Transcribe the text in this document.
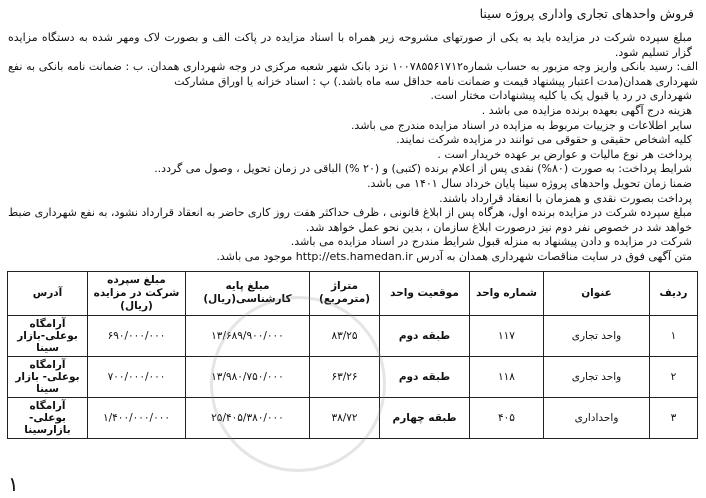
فروش واحدهای تجاری واداری پروژه سینا

مبلغ سپرده شرکت در مزایده باید به یکی از صورتهای مشروحه زیر همراه با اسناد مزایده در پاکت الف و بصورت لاک ومهر شده به دستگاه مزایده گزار تسلیم شود.

الف: رسید بانکی واریز وجه مزبور به حساب شماره۱۰۰۷۸۵۵۶۱۷۱۲ نزد بانک شهر شعبه مرکزی در وجه شهرداری همدان. ب : ضمانت نامه بانکی به نفع شهرداری همدان(مدت اعتبار پیشنهاد قیمت و ضمانت نامه حداقل سه ماه باشد.) پ : اسناد خزانه یا اوراق مشارکت

شهرداری در رد یا قبول یک یا کلیه پیشنهادات مختار است.

هزینه درج آگهی بعهده برنده مزایده می باشد .

سایر اطلاعات و جزییات مربوط به مزایده در اسناد مزایده مندرج می باشد.

کلیه اشخاص حقیقی و حقوقی می توانند در مزایده شرکت نمایند.

پرداخت هر نوع مالیات و عوارض بر عهده خریدار است .

شرایط پرداخت: به صورت (۸۰%) نقدی پس از اعلام برنده (کتبی) و (۲۰ %) الباقی در زمان تحویل ، وصول می گردد..

ضمنا زمان تحویل واحدهای پروژه سینا پایان خرداد سال ۱۴۰۱ می باشد.

پرداخت بصورت نقدی و همزمان با انعقاد قرارداد باشند.

مبلغ سپرده شرکت در مزایده برنده اول، هرگاه پس از ابلاغ قانونی ، ظرف حداکثر هفت روز کاری حاضر به انعقاد قرارداد نشود، به نفع شهرداری ضبط خواهد شد در خصوص نفر دوم نیز درصورت ابلاغ سازمان ، بدین نحو عمل خواهد شد.

شرکت در مزایده و دادن پیشنهاد به منزله قبول شرایط مندرج در اسناد مزایده می باشد.

متن آگهی فوق در سایت مناقصات شهرداری همدان به آدرس http://ets.hamedan.ir موجود می باشد.

ردیف	عنوان	شماره واحد	موقعیت واحد	متراژ (مترمربع)	مبلغ پایه کارشناسی(ریال)	مبلغ سپرده شرکت در مزایده (ریال)	آدرس
۱	واحد تجاری	۱۱۷	طبقه دوم	۸۳/۲۵	۱۳/۶۸۹/۹۰۰/۰۰۰	۶۹۰/۰۰۰/۰۰۰	آرامگاه بوعلی-بازار سینا
۲	واحد تجاری	۱۱۸	طبقه دوم	۶۳/۲۶	۱۳/۹۸۰/۷۵۰/۰۰۰	۷۰۰/۰۰۰/۰۰۰	آرامگاه بوعلی- بازار سینا
۳	واحداداری	۴۰۵	طبقه چهارم	۳۸/۷۲	۲۵/۴۰۵/۳۸۰/۰۰۰	۱/۴۰۰/۰۰۰/۰۰۰	آرامگاه بوعلی- بازارسینا
۱
